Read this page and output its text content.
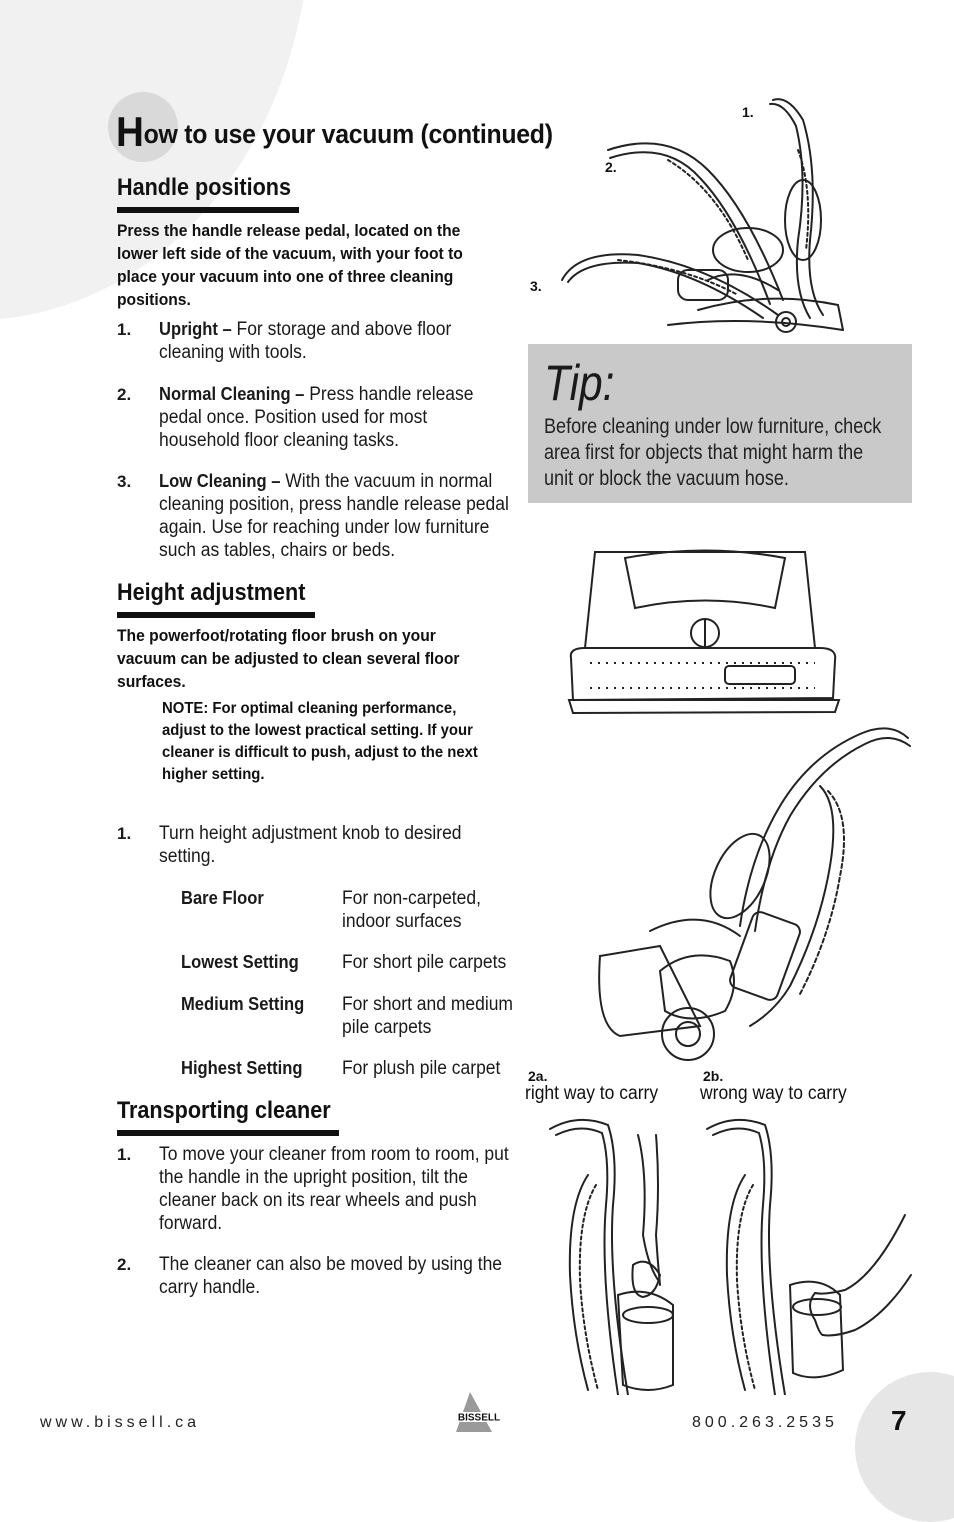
How to use your vacuum (continued)
Handle positions

Press the handle release pedal, located on the lower left side of the vacuum, with your foot to place your vacuum into one of three cleaning positions.

1. Upright – For storage and above floor cleaning with tools.

2. Normal Cleaning – Press handle release pedal once. Position used for most household floor cleaning tasks.

3. Low Cleaning – With the vacuum in normal cleaning position, press handle release pedal again. Use for reaching under low furniture such as tables, chairs or beds.

Height adjustment

The powerfoot/rotating floor brush on your vacuum can be adjusted to clean several floor surfaces.

NOTE: For optimal cleaning performance, adjust to the lowest practical setting. If your cleaner is difficult to push, adjust to the next higher setting.

1. Turn height adjustment knob to desired setting.

Bare Floor	For non-carpeted, indoor surfaces

Lowest Setting For short pile carpets

Medium Setting For short and medium pile carpets

Highest Setting For plush pile carpet

Transporting cleaner
1. To move your cleaner from room to room, put the handle in the upright position, tilt the cleaner back on its rear wheels and push forward.

2. The cleaner can also be moved by using the carry handle.

1.
2.
3.

Tip:

Before cleaning under low furniture, check area first for objects that might harm the unit or block the vacuum hose.

2a.
right way to carry
2b.
wrong way to carry
www.bissell.ca	BISSELL	800.263.2535 7
